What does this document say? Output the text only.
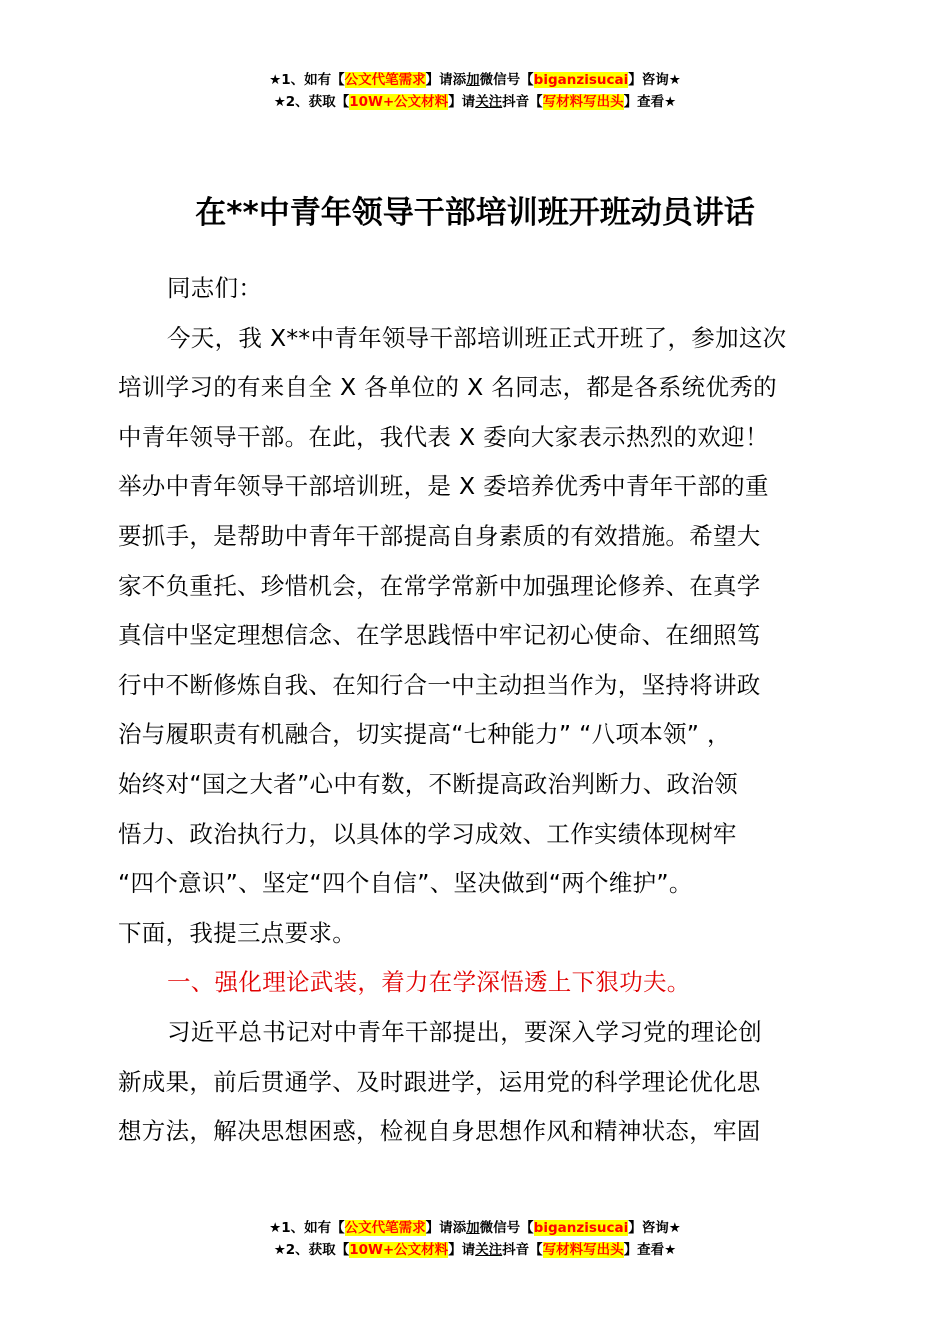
★1、如有【公文代笔需求】请添加微信号【biganzisucai】咨询★
★2、获取【10W+公文材料】请关注抖音【写材料写出头】查看★
在**中青年领导干部培训班开班动员讲话
同志们：
今天，我 X**中青年领导干部培训班正式开班了，参加这次
培训学习的有来自全 X 各单位的 X 名同志，都是各系统优秀的
中青年领导干部。在此，我代表 X 委向大家表示热烈的欢迎！
举办中青年领导干部培训班，是 X 委培养优秀中青年干部的重
要抓手，是帮助中青年干部提高自身素质的有效措施。希望大
家不负重托、珍惜机会，在常学常新中加强理论修养、在真学
真信中坚定理想信念、在学思践悟中牢记初心使命、在细照笃
行中不断修炼自我、在知行合一中主动担当作为，坚持将讲政
治与履职责有机融合，切实提高“七种能力” “八项本领” ，
始终对“国之大者”心中有数，不断提高政治判断力、政治领
悟力、政治执行力，以具体的学习成效、工作实绩体现树牢
“四个意识”、坚定“四个自信”、坚决做到“两个维护”。
下面，我提三点要求。
一、强化理论武装，着力在学深悟透上下狠功夫。
习近平总书记对中青年干部提出，要深入学习党的理论创
新成果，前后贯通学、及时跟进学，运用党的科学理论优化思
想方法，解决思想困惑，检视自身思想作风和精神状态，牢固
★1、如有【公文代笔需求】请添加微信号【biganzisucai】咨询★
★2、获取【10W+公文材料】请关注抖音【写材料写出头】查看★
